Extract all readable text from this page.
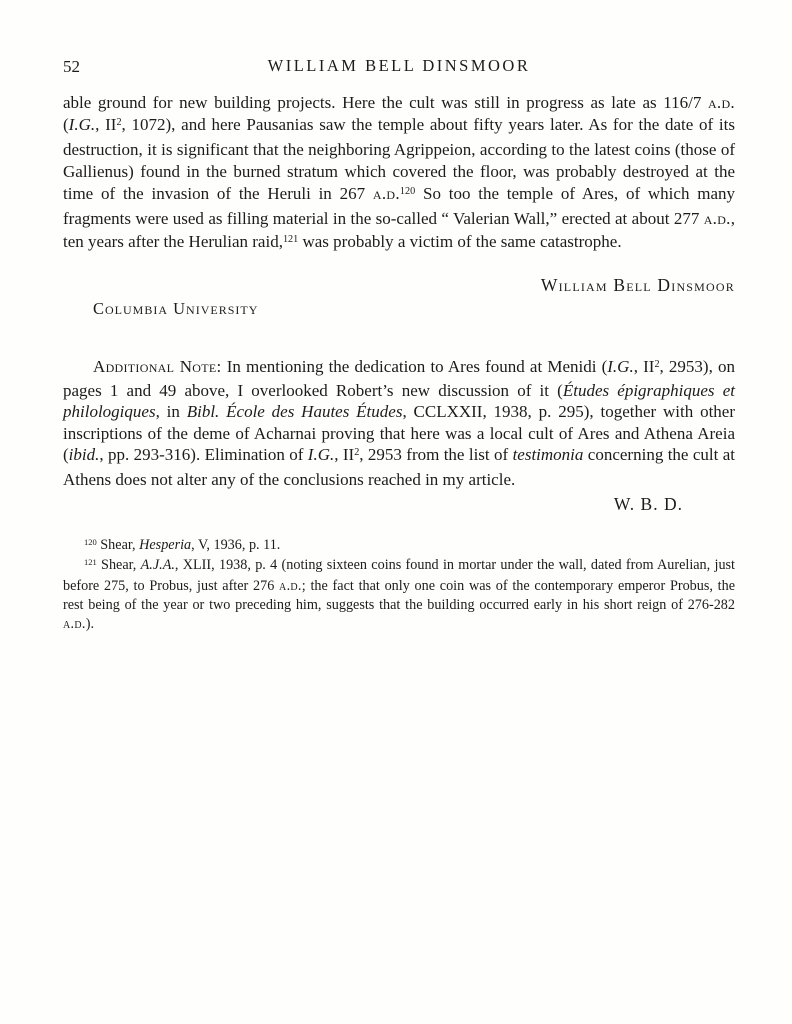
52	WILLIAM BELL DINSMOOR

able ground for new building projects. Here the cult was still in progress as late as 116/7 a.d. (I.G., $II^2$, 1072), and here Pausanias saw the temple about fifty years later. As for the date of its destruction, it is significant that the neighboring Agrippeion, according to the latest coins (those of Gallienus) found in the burned stratum which covered the floor, was probably destroyed at the time of the invasion of the Heruli in 267 a.d.$^{120}$ So too the temple of Ares, of which many fragments were used as filling material in the so-called “ Valerian Wall,” erected at about 277 a.d., ten years after the Herulian raid,$^{121}$ was probably a victim of the same catastrophe.

William Bell Dinsmoor
Columbia University

Additional Note: In mentioning the dedication to Ares found at Menidi (I.G., $II^2$, 2953), on pages 1 and 49 above, I overlooked Robert’s new discussion of it (Études épigraphiques et philologiques, in Bibl. École des Hautes Études, CCLXXII, 1938, p. 295), together with other inscriptions of the deme of Acharnai proving that here was a local cult of Ares and Athena Areia (ibid., pp. 293-316). Elimination of I.G., $II^2$, 2953 from the list of testimonia concerning the cult at Athens does not alter any of the conclusions reached in my article.

W. B. D.

$^{120}$ Shear, Hesperia, V, 1936, p. 11.

$^{121}$ Shear, A.J.A., XLII, 1938, p. 4 (noting sixteen coins found in mortar under the wall, dated from Aurelian, just before 275, to Probus, just after 276 a.d.; the fact that only one coin was of the contemporary emperor Probus, the rest being of the year or two preceding him, suggests that the building occurred early in his short reign of 276-282 a.d.).
